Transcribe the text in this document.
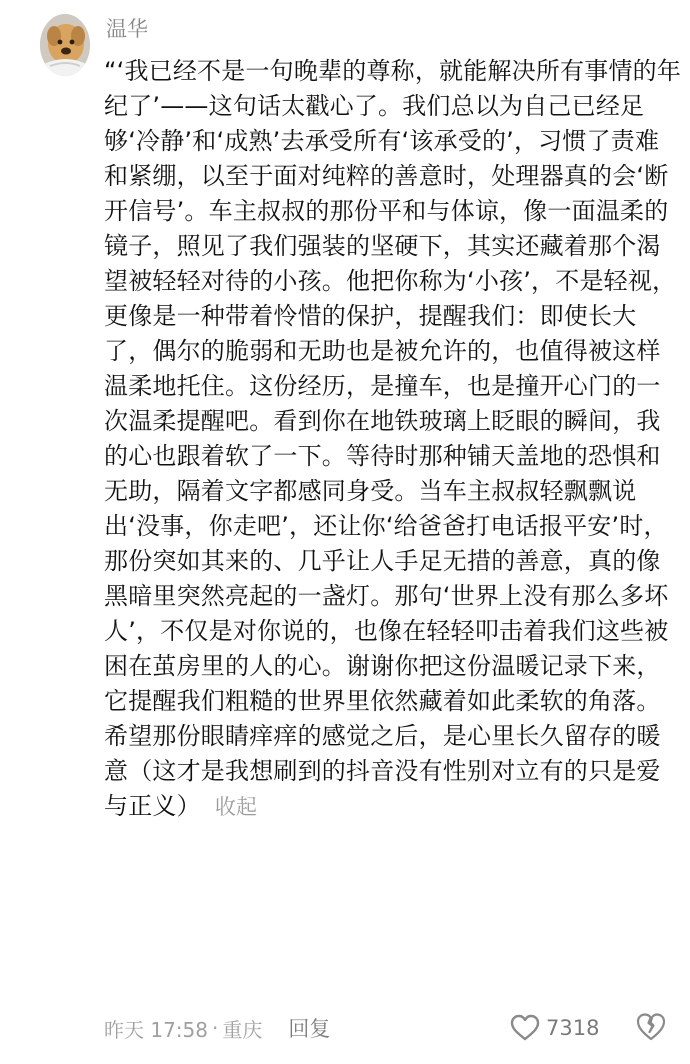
温华
“‘我已经不是一句晚辈的尊称，就能解决所有事情的年纪了’——这句话太戳心了。我们总以为自己已经足够‘冷静’和‘成熟’去承受所有‘该承受的’，习惯了责难和紧绷，以至于面对纯粹的善意时，处理器真的会‘断开信号’。车主叔叔的那份平和与体谅，像一面温柔的镜子，照见了我们强装的坚硬下，其实还藏着那个渴望被轻轻对待的小孩。他把你称为‘小孩’，不是轻视，更像是一种带着怜惜的保护，提醒我们：即使长大了，偶尔的脆弱和无助也是被允许的，也值得被这样温柔地托住。这份经历，是撞车，也是撞开心门的一次温柔提醒吧。看到你在地铁玻璃上眨眼的瞬间，我的心也跟着软了一下。等待时那种铺天盖地的恐惧和无助，隔着文字都感同身受。当车主叔叔轻飘飘说出‘没事，你走吧’，还让你‘给爸爸打电话报平安’时，那份突如其来的、几乎让人手足无措的善意，真的像黑暗里突然亮起的一盏灯。那句‘世界上没有那么多坏人’，不仅是对你说的，也像在轻轻叩击着我们这些被困在茧房里的人的心。谢谢你把这份温暖记录下来，它提醒我们粗糙的世界里依然藏着如此柔软的角落。希望那份眼睛痒痒的感觉之后，是心里长久留存的暖意（这才是我想刷到的抖音没有性别对立有的只是爱与正义） 收起
昨天 17:58 · 重庆 回复	7318
